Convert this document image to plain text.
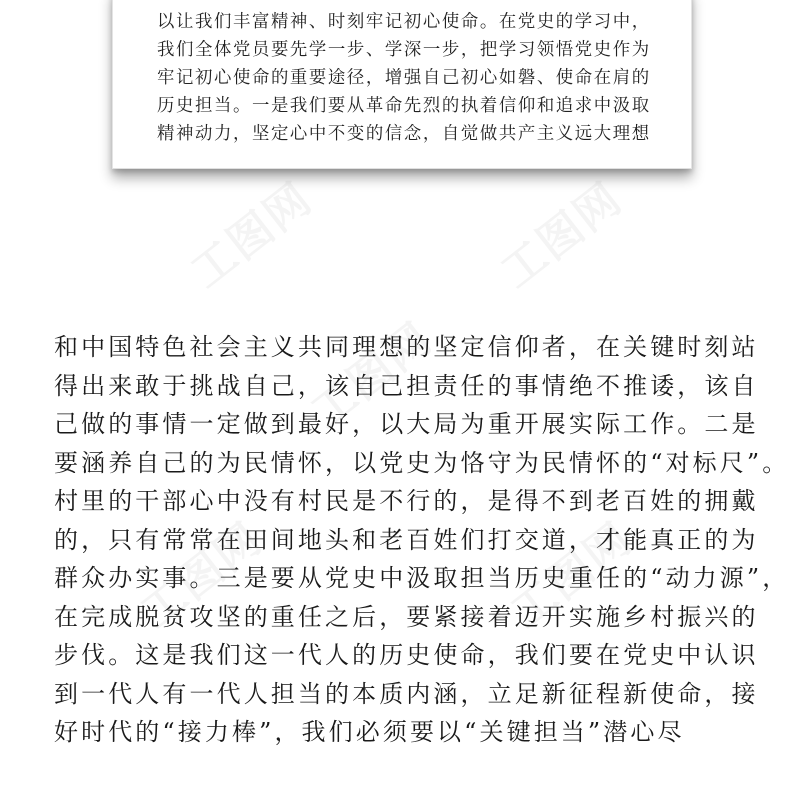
工图网	工图网
工图网
工图网	工图网
以让我们丰富精神、时刻牢记初心使命。在党史的学习中，
我们全体党员要先学一步、学深一步，把学习领悟党史作为
牢记初心使命的重要途径，增强自己初心如磐、使命在肩的
历史担当。一是我们要从革命先烈的执着信仰和追求中汲取
精神动力，坚定心中不变的信念，自觉做共产主义远大理想
和中国特色社会主义共同理想的坚定信仰者，在关键时刻站
得出来敢于挑战自己，该自己担责任的事情绝不推诿，该自
己做的事情一定做到最好，以大局为重开展实际工作。二是
要涵养自己的为民情怀，以党史为恪守为民情怀的“对标尺”。
村里的干部心中没有村民是不行的，是得不到老百姓的拥戴
的，只有常常在田间地头和老百姓们打交道，才能真正的为
群众办实事。三是要从党史中汲取担当历史重任的“动力源”，
在完成脱贫攻坚的重任之后，要紧接着迈开实施乡村振兴的
步伐。这是我们这一代人的历史使命，我们要在党史中认识
到一代人有一代人担当的本质内涵，立足新征程新使命，接
好时代的“接力棒”，我们必须要以“关键担当”潜心尽
